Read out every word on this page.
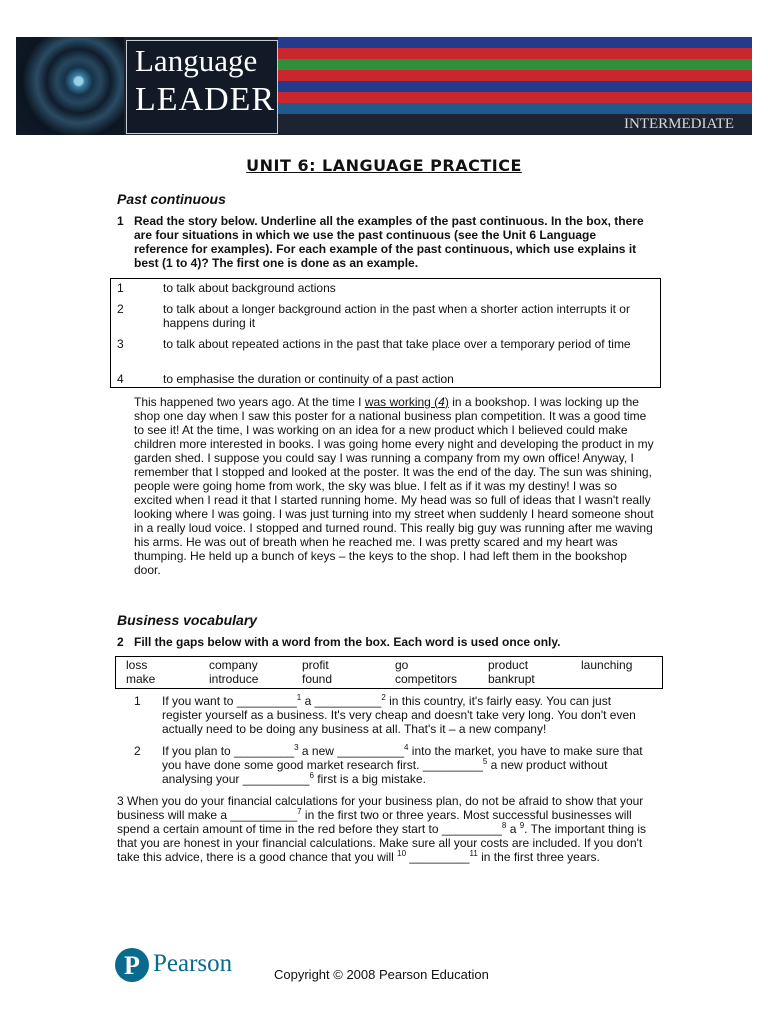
Language
LEADER
INTERMEDIATE
UNIT 6: LANGUAGE PRACTICE
Past continuous
1 Read the story below. Underline all the examples of the past continuous. In the box, there are four situations in which we use the past continuous (see the Unit 6 Language reference for examples). For each example of the past continuous, which use explains it best (1 to 4)? The first one is done as an example.
1	to talk about background actions
2	to talk about a longer background action in the past when a shorter action interrupts it or happens during it
3	to talk about repeated actions in the past that take place over a temporary period of time
4	to emphasise the duration or continuity of a past action

This happened two years ago. At the time I was working (4) in a bookshop. I was locking up the shop one day when I saw this poster for a national business plan competition. It was a good time to see it! At the time, I was working on an idea for a new product which I believed could make children more interested in books. I was going home every night and developing the product in my garden shed. I suppose you could say I was running a company from my own office! Anyway, I remember that I stopped and looked at the poster. It was the end of the day. The sun was shining, people were going home from work, the sky was blue. I felt as if it was my destiny! I was so excited when I read it that I started running home. My head was so full of ideas that I wasn't really looking where I was going. I was just turning into my street when suddenly I heard someone shout in a really loud voice. I stopped and turned round. This really big guy was running after me waving his arms. He was out of breath when he reached me. I was pretty scared and my heart was thumping. He held up a bunch of keys – the keys to the shop. I had left them in the bookshop door.

Business vocabulary
2 Fill the gaps below with a word from the box. Each word is used once only.
loss	company	profit	go	product	launching
make	introduce	found	competitors	bankrupt
1 If you want to _________$^1$ a __________$^2$ in this country, it's fairly easy. You can just register yourself as a business. It's very cheap and doesn't take very long. You don't even actually need to be doing any business at all. That's it – a new company!
2 If you plan to _________$^3$ a new __________$^4$ into the market, you have to make sure that you have done some good market research first. _________$^5$ a new product without analysing your __________$^6$ first is a big mistake.
3 When you do your financial calculations for your business plan, do not be afraid to show that your business will make a __________$^7$ in the first two or three years. Most successful businesses will spend a certain amount of time in the red before they start to _________$^8$ a $^9$. The important thing is that you are honest in your financial calculations. Make sure all your costs are included. If you don't take this advice, there is a good chance that you will $^{10}$ _________$^{11}$ in the first three years.
P Pearson	Copyright © 2008 Pearson Education
